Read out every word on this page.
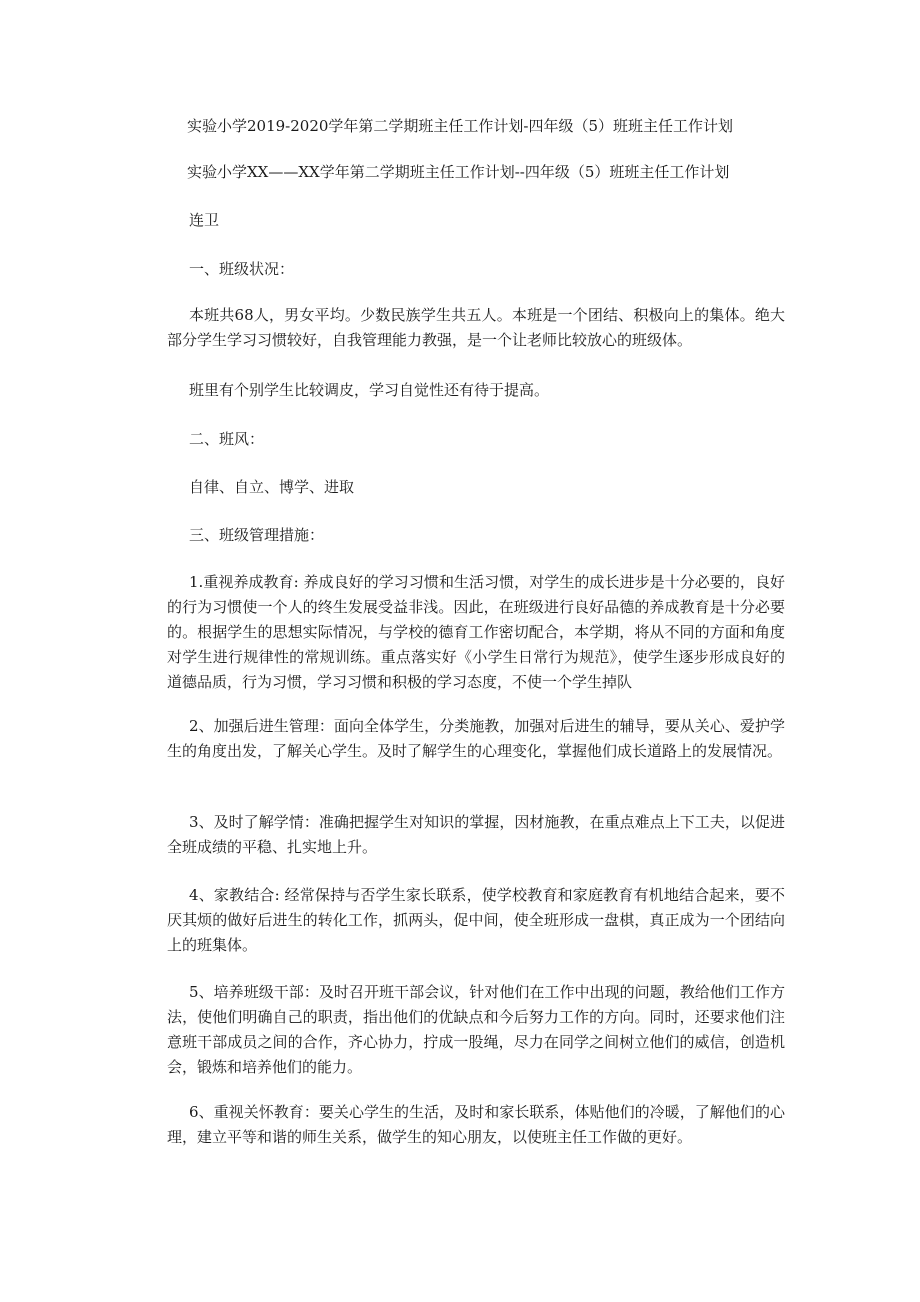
实验小学2019-2020学年第二学期班主任工作计划-四年级（5）班班主任工作计划
实验小学XX——XX学年第二学期班主任工作计划--四年级（5）班班主任工作计划
连卫
一、班级状况：
本班共68人，男女平均。少数民族学生共五人。本班是一个团结、积极向上的集体。绝大部分学生学习习惯较好，自我管理能力教强，是一个让老师比较放心的班级体。
班里有个别学生比较调皮，学习自觉性还有待于提高。
二、班风：
自律、自立、博学、进取
三、班级管理措施：
1.重视养成教育: 养成良好的学习习惯和生活习惯，对学生的成长进步是十分必要的，良好的行为习惯使一个人的终生发展受益非浅。因此，在班级进行良好品德的养成教育是十分必要的。根据学生的思想实际情况，与学校的德育工作密切配合，本学期，将从不同的方面和角度对学生进行规律性的常规训练。重点落实好《小学生日常行为规范》，使学生逐步形成良好的道德品质，行为习惯，学习习惯和积极的学习态度，不使一个学生掉队
2、加强后进生管理：面向全体学生，分类施教，加强对后进生的辅导，要从关心、爱护学生的角度出发，了解关心学生。及时了解学生的心理变化，掌握他们成长道路上的发展情况。
3、及时了解学情：准确把握学生对知识的掌握，因材施教，在重点难点上下工夫，以促进全班成绩的平稳、扎实地上升。
4、家教结合: 经常保持与否学生家长联系，使学校教育和家庭教育有机地结合起来，要不厌其烦的做好后进生的转化工作，抓两头，促中间，使全班形成一盘棋，真正成为一个团结向上的班集体。
5、培养班级干部：及时召开班干部会议，针对他们在工作中出现的问题，教给他们工作方法，使他们明确自己的职责，指出他们的优缺点和今后努力工作的方向。同时，还要求他们注意班干部成员之间的合作，齐心协力，拧成一股绳，尽力在同学之间树立他们的威信，创造机会，锻炼和培养他们的能力。
6、重视关怀教育：要关心学生的生活，及时和家长联系，体贴他们的冷暖，了解他们的心理，建立平等和谐的师生关系，做学生的知心朋友，以使班主任工作做的更好。
